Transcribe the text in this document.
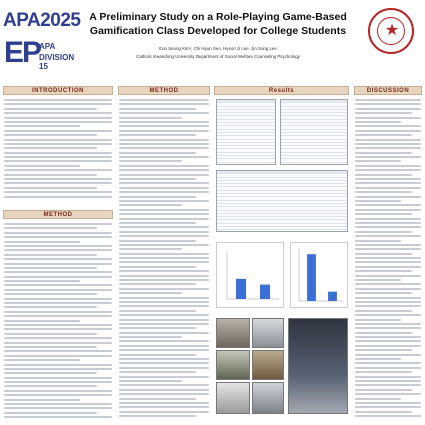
APA2025
EP
APA
DIVISION 15
A Preliminary Study on a Role-Playing Game-Based
Gamification Class Developed for College Students
Eun Seong Kim¹, Chi Hyun Seo, Hyeon Ji Lee, Jin Sung Lee
Catholic Kwandong University Department of Social Welfare Counseling Psychology
★
INTRODUCTION
METHOD
METHOD	Results	DISCUSSION
